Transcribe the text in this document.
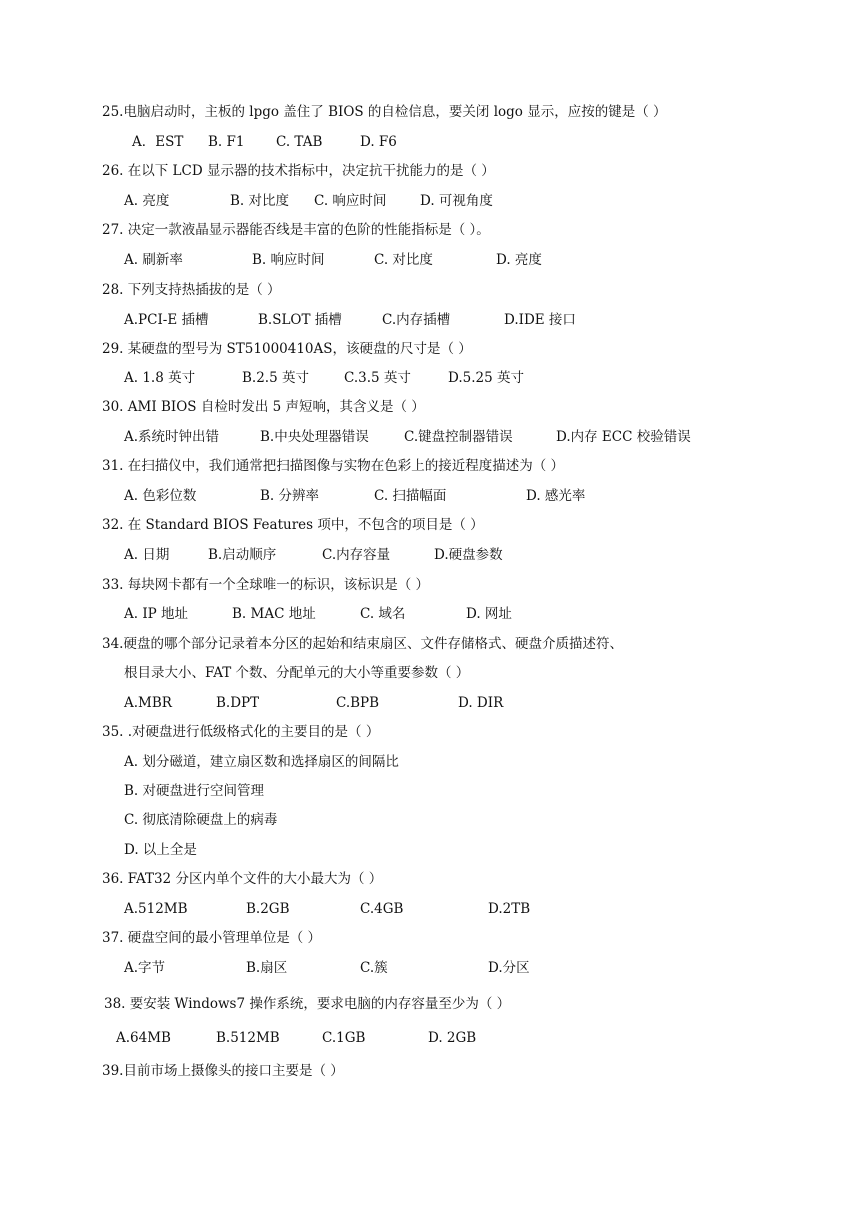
25.电脑启动时，主板的 lpgo 盖住了 BIOS 的自检信息，要关闭 logo 显示，应按的键是（ ）
A．EST B. F1 C. TAB	D. F6
26. 在以下 LCD 显示器的技术指标中，决定抗干扰能力的是（ ）
A. 亮度	B. 对比度 C. 响应时间 D. 可视角度
27. 决定一款液晶显示器能否线是丰富的色阶的性能指标是（ ）。
A. 刷新率	B. 响应时间	C. 对比度	D. 亮度
28. 下列支持热插拔的是（ ）
A.PCI-E 插槽	B.SLOT 插槽	C.内存插槽	D.IDE 接口
29. 某硬盘的型号为 ST51000410AS，该硬盘的尺寸是（ ）
A. 1.8 英寸	B.2.5 英寸	C.3.5 英寸	D.5.25 英寸
30. AMI BIOS 自检时发出 5 声短响，其含义是（ ）
A.系统时钟出错	B.中央处理器错误	C.键盘控制器错误	D.内存 ECC 校验错误
31. 在扫描仪中，我们通常把扫描图像与实物在色彩上的接近程度描述为（ ）
A. 色彩位数	B. 分辨率	C. 扫描幅面	D. 感光率
32. 在 Standard BIOS Features 项中，不包含的项目是（ ）
A. 日期	B.启动顺序	C.内存容量	D.硬盘参数
33. 每块网卡都有一个全球唯一的标识，该标识是（ ）
A. IP 地址	B. MAC 地址	C. 域名	D. 网址
34.硬盘的哪个部分记录着本分区的起始和结束扇区、文件存储格式、硬盘介质描述符、
根目录大小、FAT 个数、分配单元的大小等重要参数（ ）
A.MBR	B.DPT	C.BPB	D. DIR
35. .对硬盘进行低级格式化的主要目的是（ ）
A. 划分磁道，建立扇区数和选择扇区的间隔比
B. 对硬盘进行空间管理
C. 彻底清除硬盘上的病毒
D. 以上全是
36. FAT32 分区内单个文件的大小最大为（ ）
A.512MB	B.2GB	C.4GB	D.2TB
37. 硬盘空间的最小管理单位是（ ）
A.字节	B.扇区	C.簇	D.分区
38. 要安装 Windows7 操作系统，要求电脑的内存容量至少为（ ）
A.64MB	B.512MB	C.1GB	D. 2GB
39.目前市场上摄像头的接口主要是（ ）
